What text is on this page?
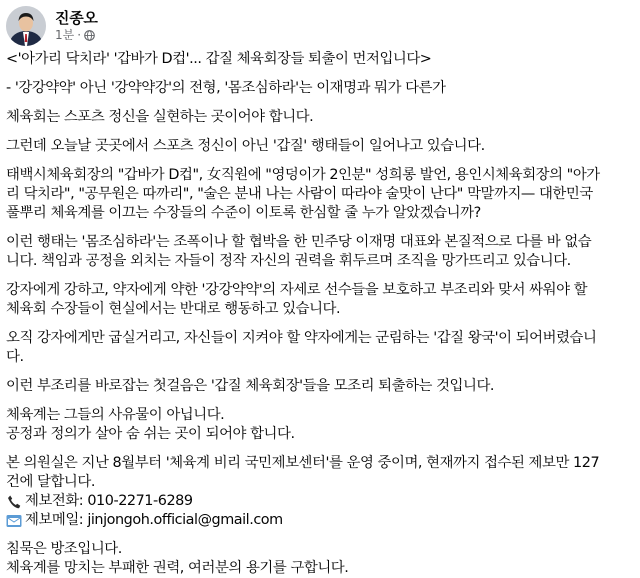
진종오
1분 ·

<'아가리 닥치라' '갑바가 D컵'... 갑질 체육회장들 퇴출이 먼저입니다>

- '강강약약' 아닌 '강약약강'의 전형, '몸조심하라'는 이재명과 뭐가 다른가

체육회는 스포츠 정신을 실현하는 곳이어야 합니다.

그런데 오늘날 곳곳에서 스포츠 정신이 아닌 '갑질' 행태들이 일어나고 있습니다.

태백시체육회장의 "갑바가 D컵", 女직원에 "영덩이가 2인분" 성희롱 발언, 용인시체육회장의 "아가

리 닥치라", "공무원은 따까리", "술은 분내 나는 사람이 따라야 술맛이 난다" 막말까지— 대한민국

풀뿌리 체육계를 이끄는 수장들의 수준이 이토록 한심할 줄 누가 알았겠습니까?

이런 행태는 '몸조심하라'는 조폭이나 할 협박을 한 민주당 이재명 대표와 본질적으로 다를 바 없습

니다. 책임과 공정을 외치는 자들이 정작 자신의 권력을 휘두르며 조직을 망가뜨리고 있습니다.

강자에게 강하고, 약자에게 약한 '강강약약'의 자세로 선수들을 보호하고 부조리와 맞서 싸워야 할

체육회 수장들이 현실에서는 반대로 행동하고 있습니다.

오직 강자에게만 굽실거리고, 자신들이 지켜야 할 약자에게는 군림하는 '갑질 왕국'이 되어버렸습니

다.

이런 부조리를 바로잡는 첫걸음은 '갑질 체육회장'들을 모조리 퇴출하는 것입니다.

체육계는 그들의 사유물이 아닙니다.

공정과 정의가 살아 숨 쉬는 곳이 되어야 합니다.

본 의원실은 지난 8월부터 '체육계 비리 국민제보센터'를 운영 중이며, 현재까지 접수된 제보만 127

건에 달합니다.

제보전화: 010-2271-6289
제보메일: jinjongoh.official@gmail.com

침묵은 방조입니다.

체육계를 망치는 부패한 권력, 여러분의 용기를 구합니다.
